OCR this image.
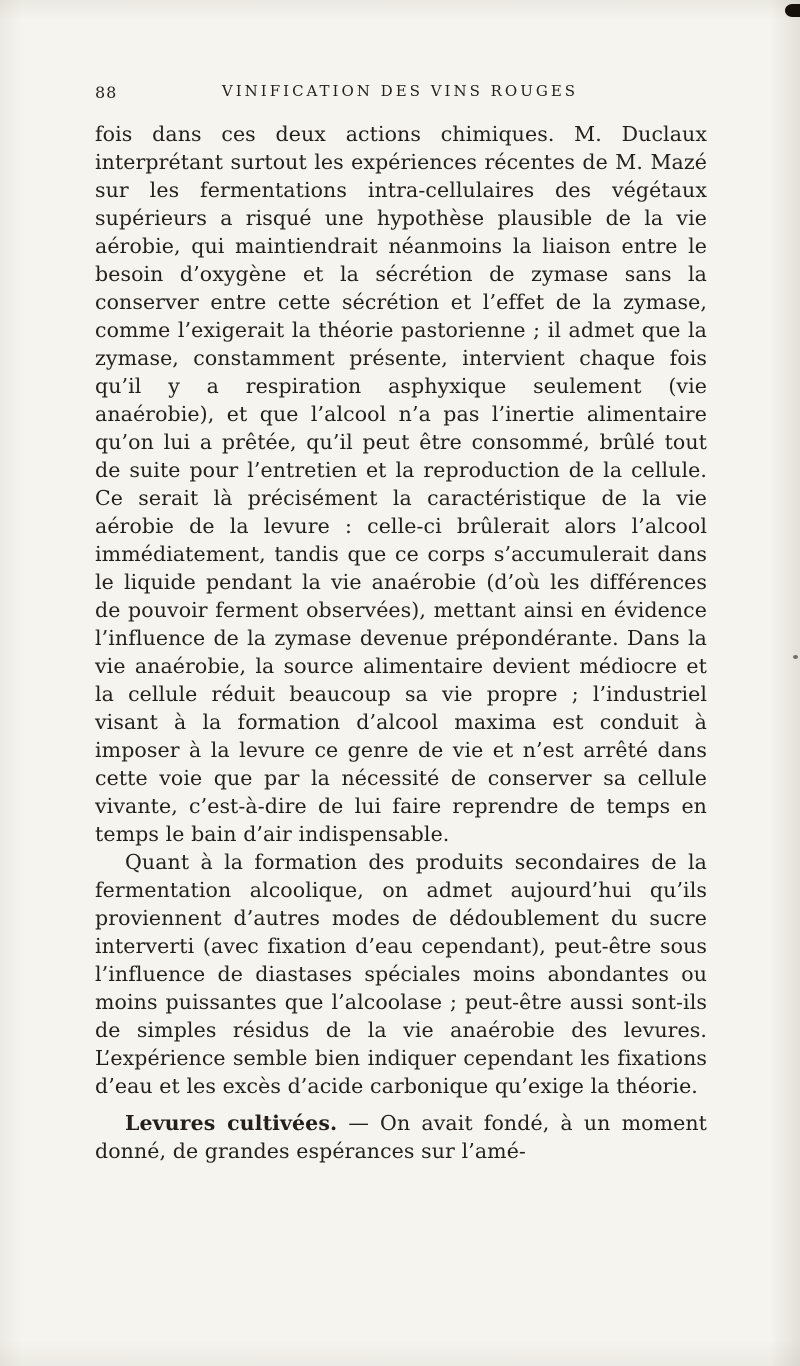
88	VINIFICATION DES VINS ROUGES

fois dans ces deux actions chimiques. M. Duclaux interprétant surtout les expériences récentes de M. Mazé sur les fermentations intra-cellulaires des végétaux supérieurs a risqué une hypothèse plausible de la vie aérobie, qui maintiendrait néanmoins la liaison entre le besoin d’oxygène et la sécrétion de zymase sans la conserver entre cette sécrétion et l’effet de la zymase, comme l’exigerait la théorie pastorienne ; il admet que la zymase, constamment présente, intervient chaque fois qu’il y a respiration asphyxique seulement (vie anaérobie), et que l’alcool n’a pas l’inertie alimentaire qu’on lui a prêtée, qu’il peut être consommé, brûlé tout de suite pour l’entretien et la reproduction de la cellule. Ce serait là précisément la caractéristique de la vie aérobie de la levure : celle-ci brûlerait alors l’alcool immédiatement, tandis que ce corps s’accumulerait dans le liquide pendant la vie anaérobie (d’où les différences de pouvoir ferment observées), mettant ainsi en évidence l’influence de la zymase devenue prépondérante. Dans la vie anaérobie, la source alimentaire devient médiocre et la cellule réduit beaucoup sa vie propre ; l’industriel visant à la formation d’alcool maxima est conduit à imposer à la levure ce genre de vie et n’est arrêté dans cette voie que par la nécessité de conserver sa cellule vivante, c’est-à-dire de lui faire reprendre de temps en temps le bain d’air indispensable.

Quant à la formation des produits secondaires de la fermentation alcoolique, on admet aujourd’hui qu’ils proviennent d’autres modes de dédoublement du sucre interverti (avec fixation d’eau cependant), peut-être sous l’influence de diastases spéciales moins abondantes ou moins puissantes que l’alcoolase ; peut-être aussi sont-ils de simples résidus de la vie anaérobie des levures. L’expérience semble bien indiquer cependant les fixations d’eau et les excès d’acide carbonique qu’exige la théorie.

Levures cultivées. — On avait fondé, à un moment donné, de grandes espérances sur l’amé-
